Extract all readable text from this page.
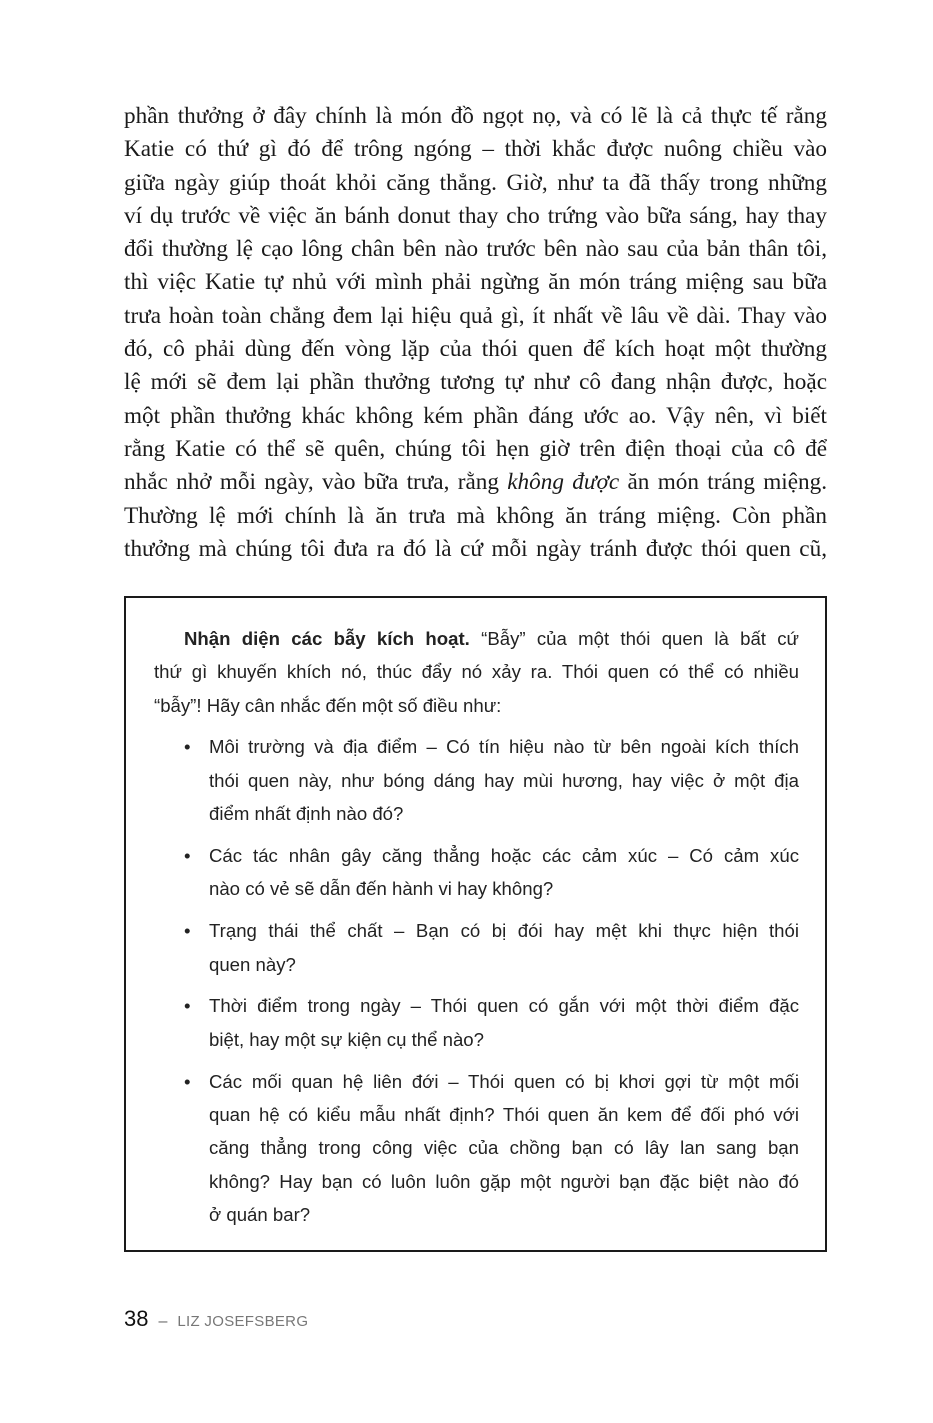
phần thưởng ở đây chính là món đồ ngọt nọ, và có lẽ là cả thực tế rằng
Katie có thứ gì đó để trông ngóng – thời khắc được nuông chiều vào
giữa ngày giúp thoát khỏi căng thẳng. Giờ, như ta đã thấy trong những
ví dụ trước về việc ăn bánh donut thay cho trứng vào bữa sáng, hay thay
đổi thường lệ cạo lông chân bên nào trước bên nào sau của bản thân tôi,
thì việc Katie tự nhủ với mình phải ngừng ăn món tráng miệng sau bữa
trưa hoàn toàn chẳng đem lại hiệu quả gì, ít nhất về lâu về dài. Thay vào
đó, cô phải dùng đến vòng lặp của thói quen để kích hoạt một thường
lệ mới sẽ đem lại phần thưởng tương tự như cô đang nhận được, hoặc
một phần thưởng khác không kém phần đáng ước ao. Vậy nên, vì biết
rằng Katie có thể sẽ quên, chúng tôi hẹn giờ trên điện thoại của cô để
nhắc nhở mỗi ngày, vào bữa trưa, rằng không được ăn món tráng miệng.
Thường lệ mới chính là ăn trưa mà không ăn tráng miệng. Còn phần
thưởng mà chúng tôi đưa ra đó là cứ mỗi ngày tránh được thói quen cũ,
Nhận diện các bẫy kích hoạt. “Bẫy” của một thói quen là bất cứ
thứ gì khuyến khích nó, thúc đẩy nó xảy ra. Thói quen có thể có nhiều
“bẫy”! Hãy cân nhắc đến một số điều như:
• Môi trường và địa điểm – Có tín hiệu nào từ bên ngoài kích thích
thói quen này, như bóng dáng hay mùi hương, hay việc ở một địa
điểm nhất định nào đó?
• Các tác nhân gây căng thẳng hoặc các cảm xúc – Có cảm xúc
nào có vẻ sẽ dẫn đến hành vi hay không?
• Trạng thái thể chất – Bạn có bị đói hay mệt khi thực hiện thói
quen này?
• Thời điểm trong ngày – Thói quen có gắn với một thời điểm đặc
biệt, hay một sự kiện cụ thể nào?
• Các mối quan hệ liên đới – Thói quen có bị khơi gợi từ một mối
quan hệ có kiểu mẫu nhất định? Thói quen ăn kem để đối phó với
căng thẳng trong công việc của chồng bạn có lây lan sang bạn
không? Hay bạn có luôn luôn gặp một người bạn đặc biệt nào đó
ở quán bar?
38 – LIZ JOSEFSBERG
